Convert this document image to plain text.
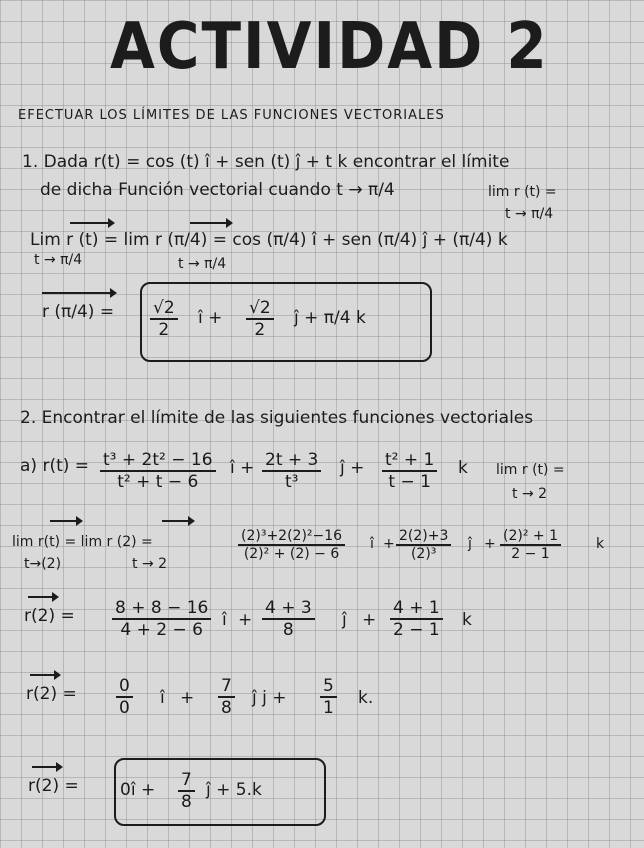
ACTIVIDAD 2
EFECTUAR LOS LÍMITES DE LAS FUNCIONES VECTORIALES
1. Dada r(t) = cos (t) î + sen (t) ĵ + t k encontrar el límite
de dicha Función vectorial cuando t → π/4	lim r (t) =
t → π/4
Lim r (t) = lim r (π/4) = cos (π/4) î + sen (π/4) ĵ + (π/4) k
t → π/4	t → π/4
r $(\pi/4) = \frac{√2}{2}$ î + $\frac{√2}{2}$ ĵ + π/4 k
2. Encontrar el límite de las siguientes funciones vectoriales
a) $r(t) = \frac{\text{t³ + 2t² − 16}}{\text{t² + t − 6}}$ î + $\frac{2t + 3}{\text{t³}}$ ĵ + $\frac{\text{t² + 1}}{t - 1}$ k lim r (t) =
t → 2
lim r(t) = lim r (2) =
t→(2)	t → 2
$\frac{\text{(2)³+2(2)²−16}}{\text{(2)² + (2) − 6}}$ î + $\frac{2(2)+3}{\text{(2)³}}$ ĵ + $\frac{\text{(2)² + 1}}{2 - 1}$	k
$r(2) = \frac{8 + 8 - 16}{4 + 2 - 6}$ î + $\frac{4 + 3}{8}$ ĵ + $\frac{4 + 1}{2 - 1}$ k
$r(2) = \frac{0}{0}$ î + $\frac{7}{8}$ ĵ $j + \frac{5}{1} k$.
r(2) = 0î + $\frac{7}{8}$ ĵ + 5.k
